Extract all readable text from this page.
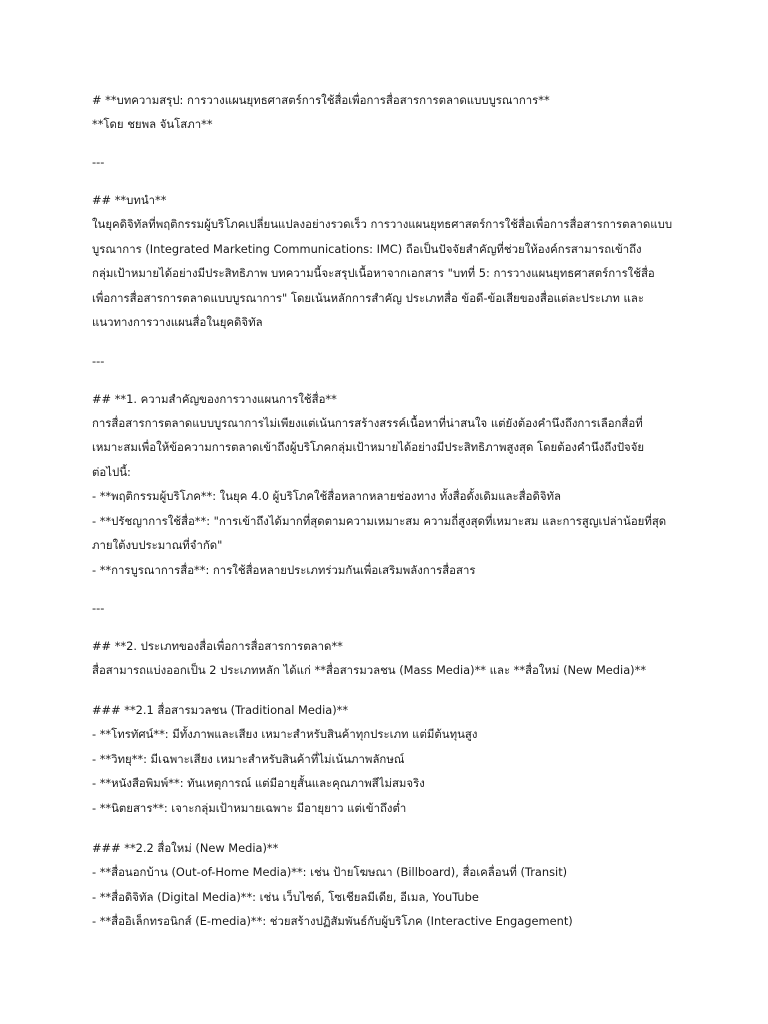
# **บทความสรุป: การวางแผนยุทธศาสตร์การใช้สื่อเพื่อการสื่อสารการตลาดแบบบูรณาการ**
**โดย ชยพล จันโสภา**
---
## **บทนำ**
ในยุคดิจิทัลที่พฤติกรรมผู้บริโภคเปลี่ยนแปลงอย่างรวดเร็ว การวางแผนยุทธศาสตร์การใช้สื่อเพื่อการสื่อสารการตลาดแบบ
บูรณาการ (Integrated Marketing Communications: IMC) ถือเป็นปัจจัยสำคัญที่ช่วยให้องค์กรสามารถเข้าถึง
กลุ่มเป้าหมายได้อย่างมีประสิทธิภาพ บทความนี้จะสรุปเนื้อหาจากเอกสาร "บทที่ 5: การวางแผนยุทธศาสตร์การใช้สื่อ
เพื่อการสื่อสารการตลาดแบบบูรณาการ" โดยเน้นหลักการสำคัญ ประเภทสื่อ ข้อดี-ข้อเสียของสื่อแต่ละประเภท และ
แนวทางการวางแผนสื่อในยุคดิจิทัล
---
## **1. ความสำคัญของการวางแผนการใช้สื่อ**
การสื่อสารการตลาดแบบบูรณาการไม่เพียงแต่เน้นการสร้างสรรค์เนื้อหาที่น่าสนใจ แต่ยังต้องคำนึงถึงการเลือกสื่อที่
เหมาะสมเพื่อให้ข้อความการตลาดเข้าถึงผู้บริโภคกลุ่มเป้าหมายได้อย่างมีประสิทธิภาพสูงสุด โดยต้องคำนึงถึงปัจจัย
ต่อไปนี้:
- **พฤติกรรมผู้บริโภค**: ในยุค 4.0 ผู้บริโภคใช้สื่อหลากหลายช่องทาง ทั้งสื่อดั้งเดิมและสื่อดิจิทัล
- **ปรัชญาการใช้สื่อ**: "การเข้าถึงได้มากที่สุดตามความเหมาะสม ความถี่สูงสุดที่เหมาะสม และการสูญเปล่าน้อยที่สุด
ภายใต้งบประมาณที่จำกัด"
- **การบูรณาการสื่อ**: การใช้สื่อหลายประเภทร่วมกันเพื่อเสริมพลังการสื่อสาร
---
## **2. ประเภทของสื่อเพื่อการสื่อสารการตลาด**
สื่อสามารถแบ่งออกเป็น 2 ประเภทหลัก ได้แก่ **สื่อสารมวลชน (Mass Media)** และ **สื่อใหม่ (New Media)**
### **2.1 สื่อสารมวลชน (Traditional Media)**
- **โทรทัศน์**: มีทั้งภาพและเสียง เหมาะสำหรับสินค้าทุกประเภท แต่มีต้นทุนสูง
- **วิทยุ**: มีเฉพาะเสียง เหมาะสำหรับสินค้าที่ไม่เน้นภาพลักษณ์
- **หนังสือพิมพ์**: ทันเหตุการณ์ แต่มีอายุสั้นและคุณภาพสีไม่สมจริง
- **นิตยสาร**: เจาะกลุ่มเป้าหมายเฉพาะ มีอายุยาว แต่เข้าถึงต่ำ
### **2.2 สื่อใหม่ (New Media)**
- **สื่อนอกบ้าน (Out-of-Home Media)**: เช่น ป้ายโฆษณา (Billboard), สื่อเคลื่อนที่ (Transit)
- **สื่อดิจิทัล (Digital Media)**: เช่น เว็บไซต์, โซเชียลมีเดีย, อีเมล, YouTube
- **สื่ออิเล็กทรอนิกส์ (E-media)**: ช่วยสร้างปฏิสัมพันธ์กับผู้บริโภค (Interactive Engagement)
